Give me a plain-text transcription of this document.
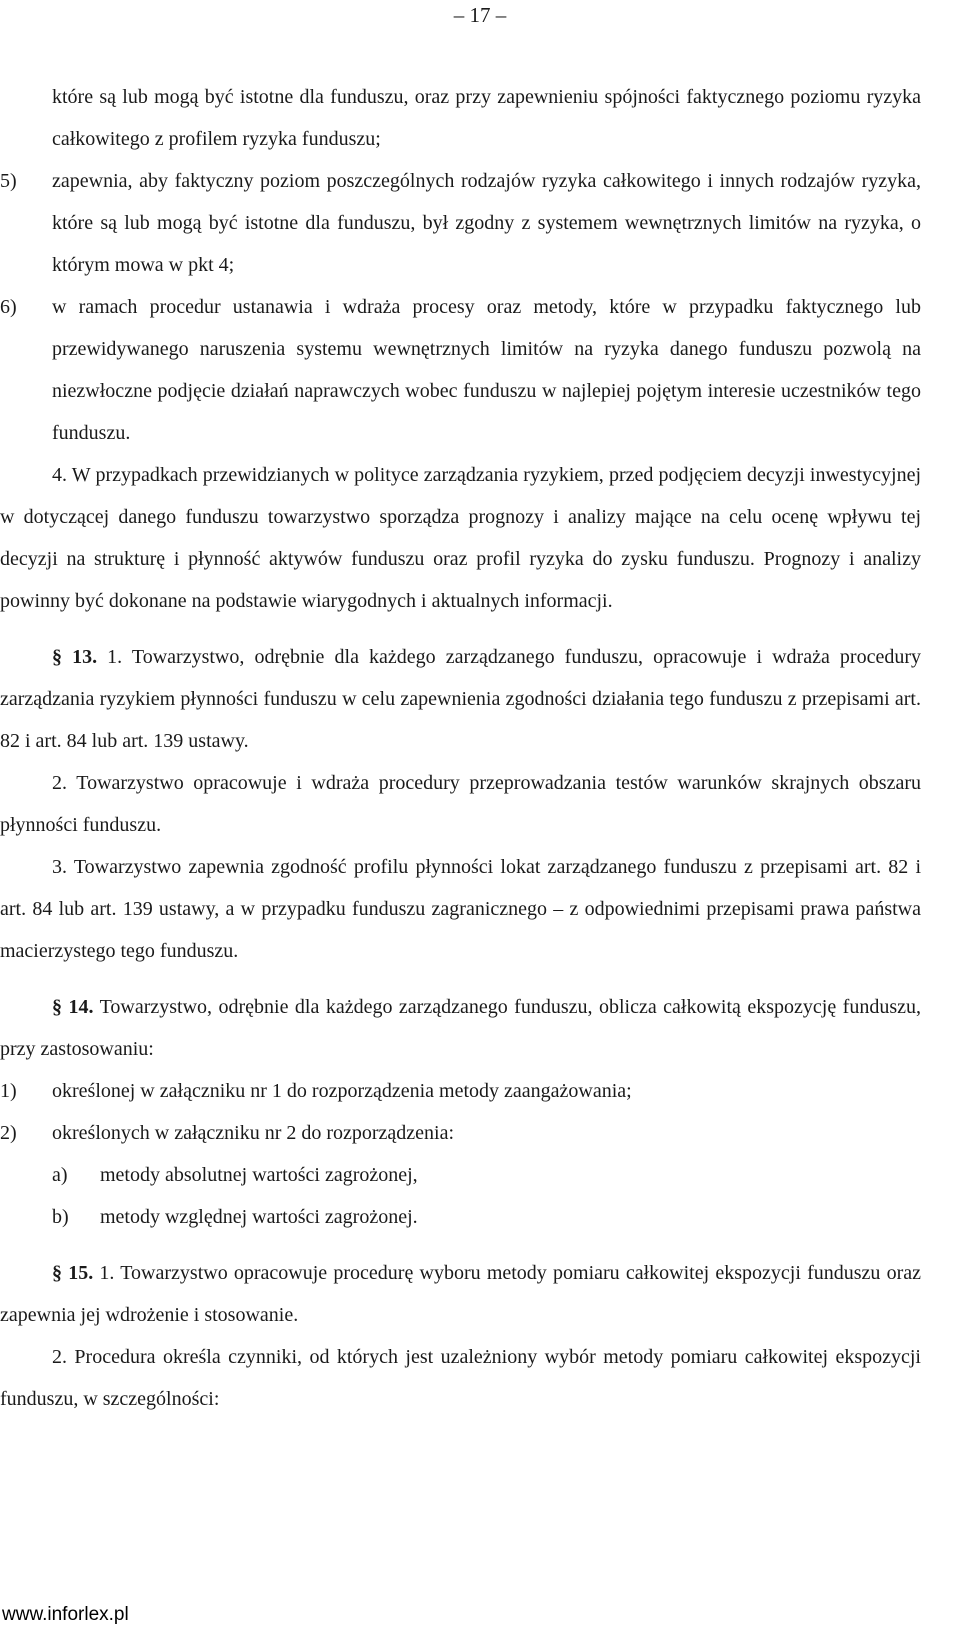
– 17 –

które są lub mogą być istotne dla funduszu, oraz przy zapewnieniu spójności faktycznego poziomu ryzyka całkowitego z profilem ryzyka funduszu;

5)	zapewnia, aby faktyczny poziom poszczególnych rodzajów ryzyka całkowitego i innych rodzajów ryzyka, które są lub mogą być istotne dla funduszu, był zgodny z systemem wewnętrznych limitów na ryzyka, o którym mowa w pkt 4;

6)	w ramach procedur ustanawia i wdraża procesy oraz metody, które w przypadku faktycznego lub przewidywanego naruszenia systemu wewnętrznych limitów na ryzyka danego funduszu pozwolą na niezwłoczne podjęcie działań naprawczych wobec funduszu w najlepiej pojętym interesie uczestników tego funduszu.

4. W przypadkach przewidzianych w polityce zarządzania ryzykiem, przed podjęciem decyzji inwestycyjnej w dotyczącej danego funduszu towarzystwo sporządza prognozy i analizy mające na celu ocenę wpływu tej decyzji na strukturę i płynność aktywów funduszu oraz profil ryzyka do zysku funduszu. Prognozy i analizy powinny być dokonane na podstawie wiarygodnych i aktualnych informacji.

§ 13. 1. Towarzystwo, odrębnie dla każdego zarządzanego funduszu, opracowuje i wdraża procedury zarządzania ryzykiem płynności funduszu w celu zapewnienia zgodności działania tego funduszu z przepisami art. 82 i art. 84 lub art. 139 ustawy.

2. Towarzystwo opracowuje i wdraża procedury przeprowadzania testów warunków skrajnych obszaru płynności funduszu.

3. Towarzystwo zapewnia zgodność profilu płynności lokat zarządzanego funduszu z przepisami art. 82 i art. 84 lub art. 139 ustawy, a w przypadku funduszu zagranicznego – z odpowiednimi przepisami prawa państwa macierzystego tego funduszu.

§ 14. Towarzystwo, odrębnie dla każdego zarządzanego funduszu, oblicza całkowitą ekspozycję funduszu, przy zastosowaniu:

1)	określonej w załączniku nr 1 do rozporządzenia metody zaangażowania;

2)	określonych w załączniku nr 2 do rozporządzenia:

a)	metody absolutnej wartości zagrożonej,

b)	metody względnej wartości zagrożonej.

§ 15. 1. Towarzystwo opracowuje procedurę wyboru metody pomiaru całkowitej ekspozycji funduszu oraz zapewnia jej wdrożenie i stosowanie.

2. Procedura określa czynniki, od których jest uzależniony wybór metody pomiaru całkowitej ekspozycji funduszu, w szczególności:

www.inforlex.pl
